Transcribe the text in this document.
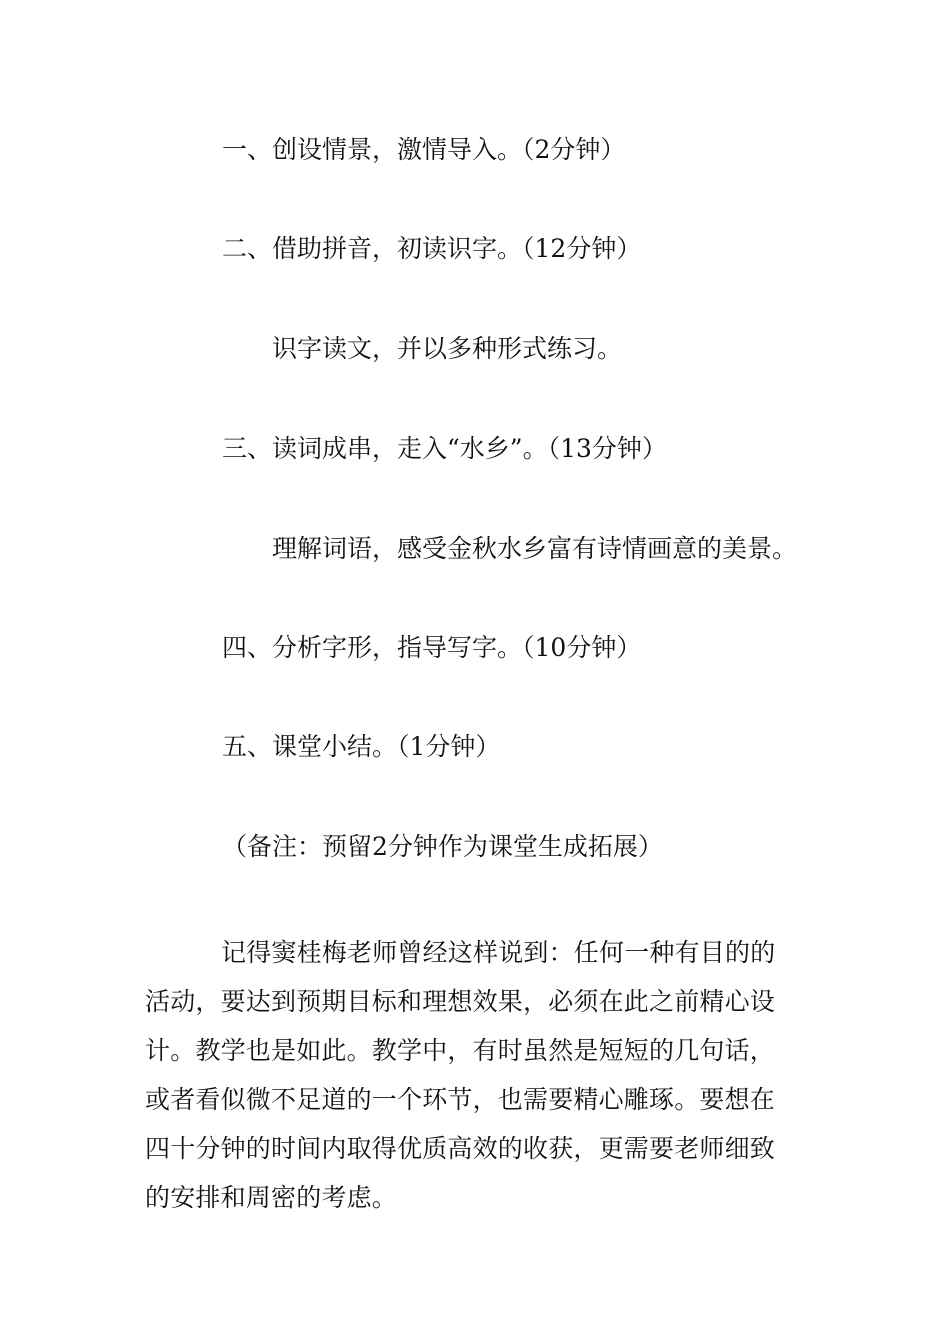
一、创设情景，激情导入。（2分钟）

二、借助拼音，初读识字。（12分钟）

识字读文，并以多种形式练习。

三、读词成串，走入“水乡”。（13分钟）

理解词语，感受金秋水乡富有诗情画意的美景。

四、分析字形，指导写字。（10分钟）

五、课堂小结。（1分钟）

（备注：预留2分钟作为课堂生成拓展）

记得窦桂梅老师曾经这样说到：任何一种有目的的
活动，要达到预期目标和理想效果，必须在此之前精心设
计。教学也是如此。教学中，有时虽然是短短的几句话，
或者看似微不足道的一个环节，也需要精心雕琢。要想在
四十分钟的时间内取得优质高效的收获，更需要老师细致
的安排和周密的考虑。
